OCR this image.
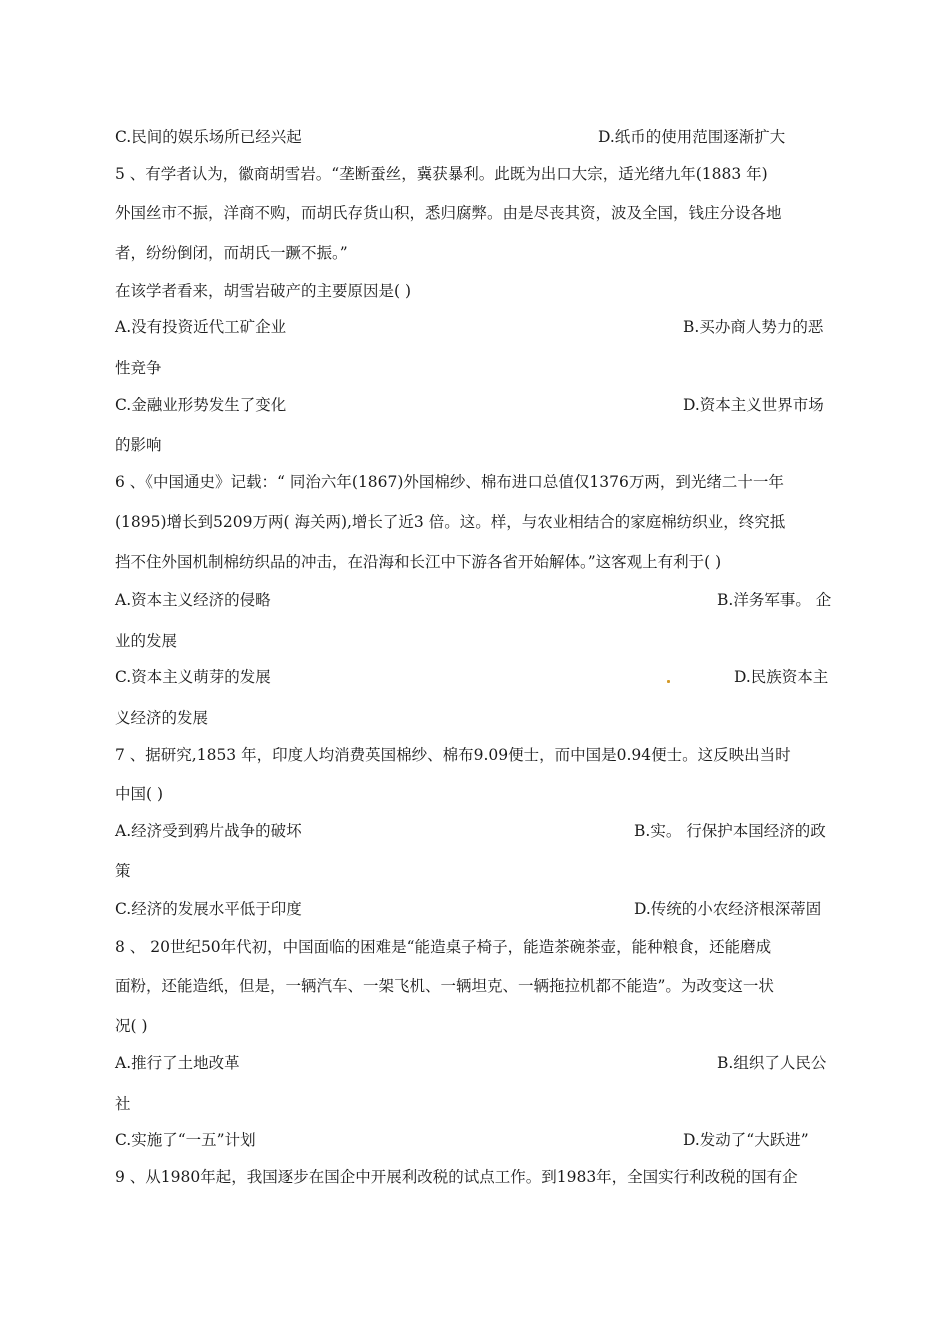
C.民间的娱乐场所已经兴起	D.纸币的使用范围逐渐扩大
5 、有学者认为，徽商胡雪岩。“垄断蚕丝，冀获暴利。此既为出口大宗，适光绪九年(1883 年)
外国丝市不振，洋商不购，而胡氏存货山积，悉归腐弊。由是尽丧其资，波及全国，钱庄分设各地
者，纷纷倒闭，而胡氏一蹶不振。”
在该学者看来，胡雪岩破产的主要原因是( )
A.没有投资近代工矿企业	B.买办商人势力的恶
性竞争
C.金融业形势发生了变化	D.资本主义世界市场
的影响
6 、《中国通史》记载：“ 同治六年(1867)外国棉纱、棉布进口总值仅1376万两，到光绪二十一年
(1895)增长到5209万两( 海关两),增长了近3 倍。这。样，与农业相结合的家庭棉纺织业，终究抵
挡不住外国机制棉纺织品的冲击，在沿海和长江中下游各省开始解体。”这客观上有利于( )
A.资本主义经济的侵略	B.洋务军事。 企
业的发展
C.资本主义萌芽的发展	D.民族资本主
义经济的发展
7 、据研究,1853 年，印度人均消费英国棉纱、棉布9.09便士，而中国是0.94便士。这反映出当时
中国( )
A.经济受到鸦片战争的破坏	B.实。 行保护本国经济的政
策
C.经济的发展水平低于印度	D.传统的小农经济根深蒂固
8 、 20世纪50年代初，中国面临的困难是“能造桌子椅子，能造茶碗茶壶，能种粮食，还能磨成
面粉，还能造纸，但是，一辆汽车、一架飞机、一辆坦克、一辆拖拉机都不能造”。为改变这一状
况( )
A.推行了土地改革	B.组织了人民公
社
C.实施了“一五”计划	D.发动了“大跃进”
9 、从1980年起，我国逐步在国企中开展利改税的试点工作。到1983年，全国实行利改税的国有企
